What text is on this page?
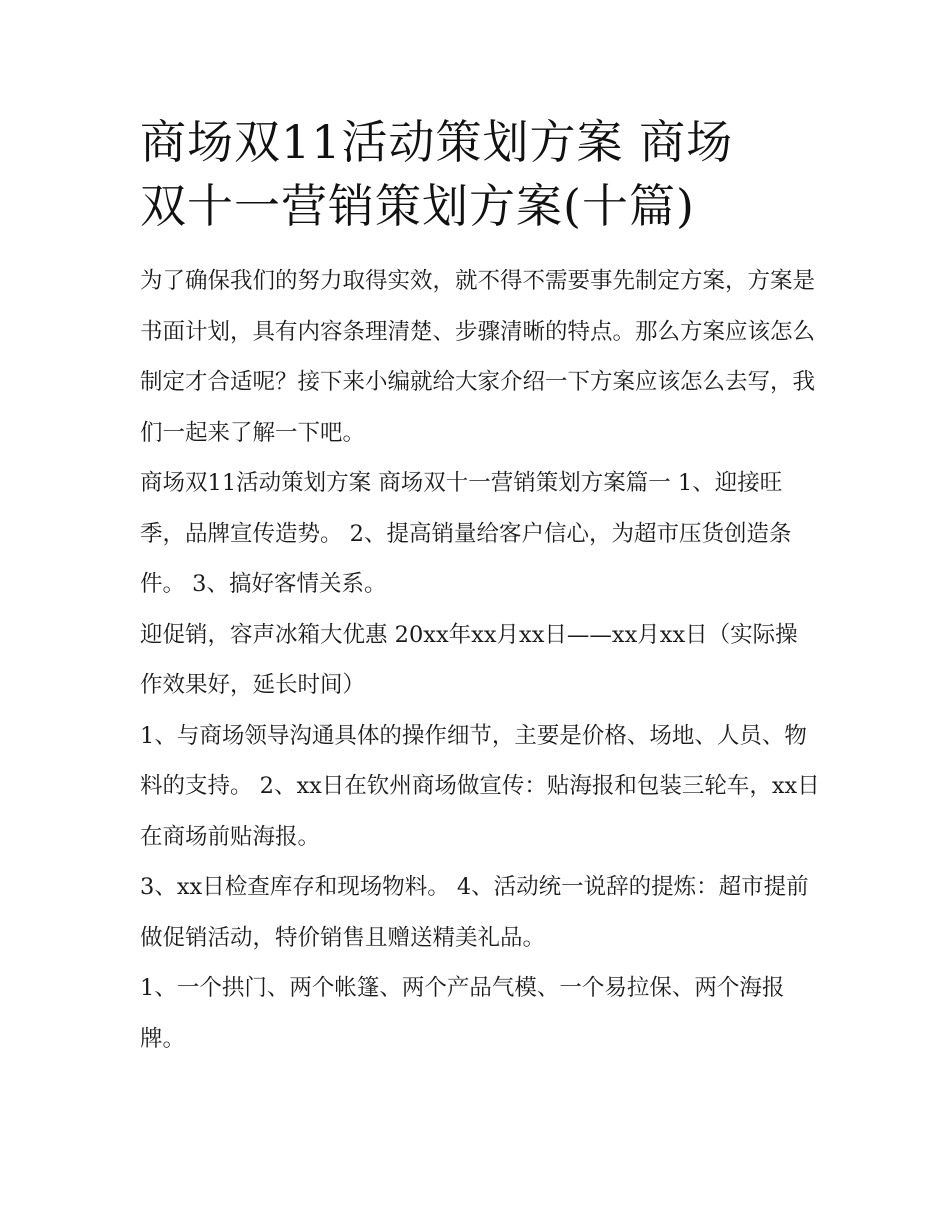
商场双11活动策划方案 商场
双十一营销策划方案(十篇)

为了确保我们的努力取得实效，就不得不需要事先制定方案，方案是书面计划，具有内容条理清楚、步骤清晰的特点。那么方案应该怎么制定才合适呢？接下来小编就给大家介绍一下方案应该怎么去写，我们一起来了解一下吧。

商场双11活动策划方案 商场双十一营销策划方案篇一 1、迎接旺季，品牌宣传造势。 2、提高销量给客户信心，为超市压货创造条件。 3、搞好客情关系。

迎促销，容声冰箱大优惠 20xx年xx月xx日——xx月xx日（实际操作效果好，延长时间）

1、与商场领导沟通具体的操作细节，主要是价格、场地、人员、物料的支持。 2、xx日在钦州商场做宣传：贴海报和包装三轮车，xx日在商场前贴海报。

3、xx日检查库存和现场物料。 4、活动统一说辞的提炼：超市提前做促销活动，特价销售且赠送精美礼品。

1、一个拱门、两个帐篷、两个产品气模、一个易拉保、两个海报牌。
